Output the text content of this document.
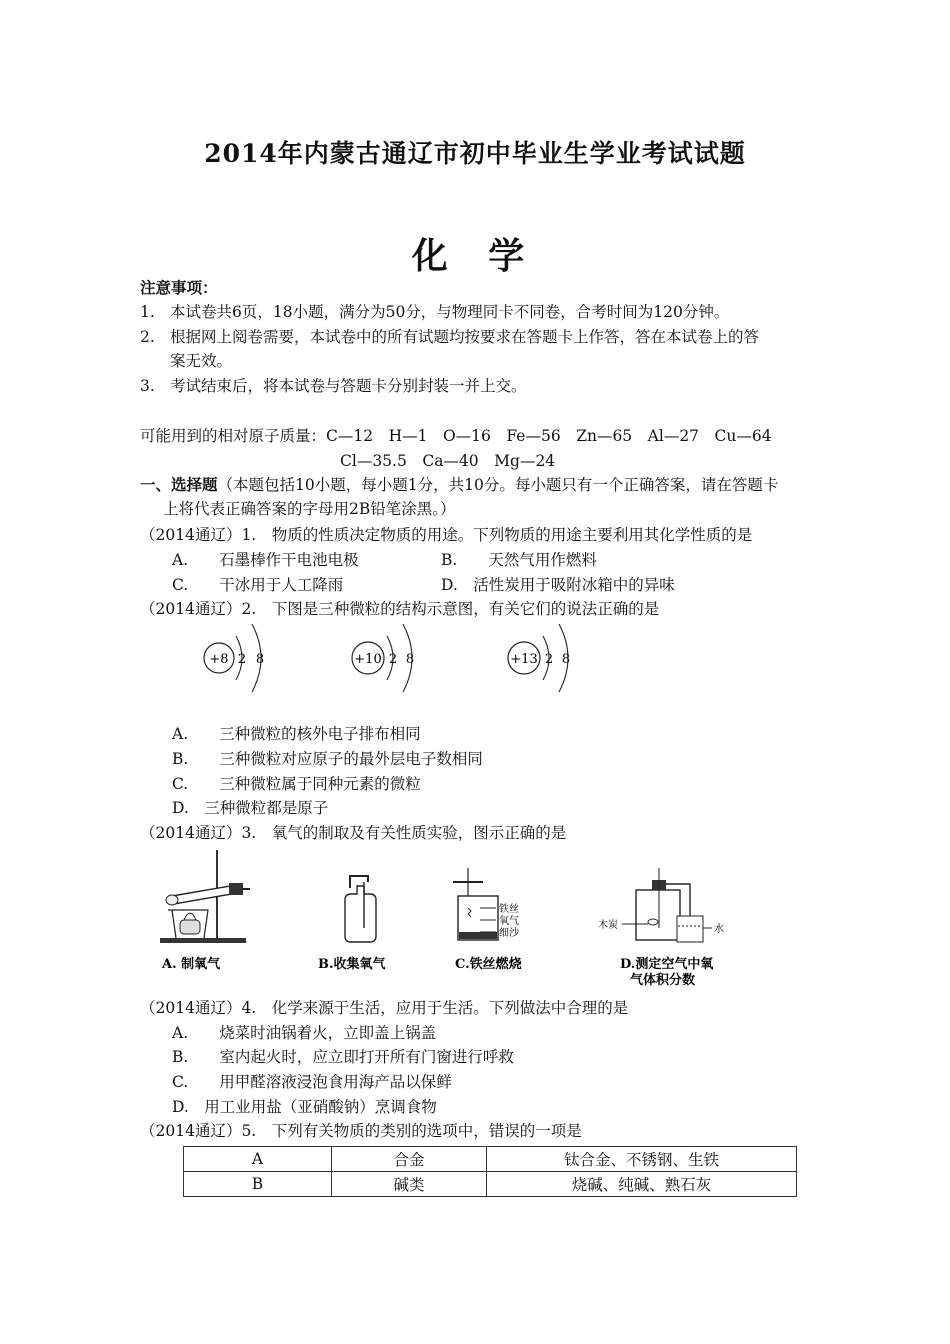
2014年内蒙古通辽市初中毕业生学业考试试题
化 学
注意事项：
1. 本试卷共6页，18小题，满分为50分，与物理同卡不同卷，合考时间为120分钟。
2. 根据网上阅卷需要，本试卷中的所有试题均按要求在答题卡上作答，答在本试卷上的答
案无效。
3. 考试结束后，将本试卷与答题卡分别封装一并上交。
可能用到的相对原子质量：C—12　H—1　O—16　Fe—56　Zn—65　Al—27　Cu—64
Cl—35.5　Ca—40　Mg—24
一、选择题（本题包括10小题，每小题1分，共10分。每小题只有一个正确答案，请在答题卡
上将代表正确答案的字母用2B铅笔涂黑。）
（2014通辽）1.　物质的性质决定物质的用途。下列物质的用途主要利用其化学性质的是
A.　　石墨棒作干电池电极	B.　　天然气用作燃料
C.　　干冰用于人工降雨	D.　活性炭用于吸附冰箱中的异味
（2014通辽）2.　下图是三种微粒的结构示意图，有关它们的说法正确的是
+8 2 8	+10 2 8	+13 2 8
A.　　三种微粒的核外电子排布相同
B.　　三种微粒对应原子的最外层电子数相同
C.　　三种微粒属于同种元素的微粒
D.　三种微粒都是原子
（2014通辽）3.　氧气的制取及有关性质实验，图示正确的是
A. 制氧气	B.收集氧气
铁丝
氧气
细沙
C.铁丝燃烧
木炭	水
D.测定空气中氧
气体积分数
（2014通辽）4.　化学来源于生活，应用于生活。下列做法中合理的是
A.　　烧菜时油锅着火，立即盖上锅盖
B.　　室内起火时，应立即打开所有门窗进行呼救
C.　　用甲醛溶液浸泡食用海产品以保鲜
D.　用工业用盐（亚硝酸钠）烹调食物
（2014通辽）5.　下列有关物质的类别的选项中，错误的一项是
A	合金	钛合金、不锈钢、生铁
B	碱类	烧碱、纯碱、熟石灰
